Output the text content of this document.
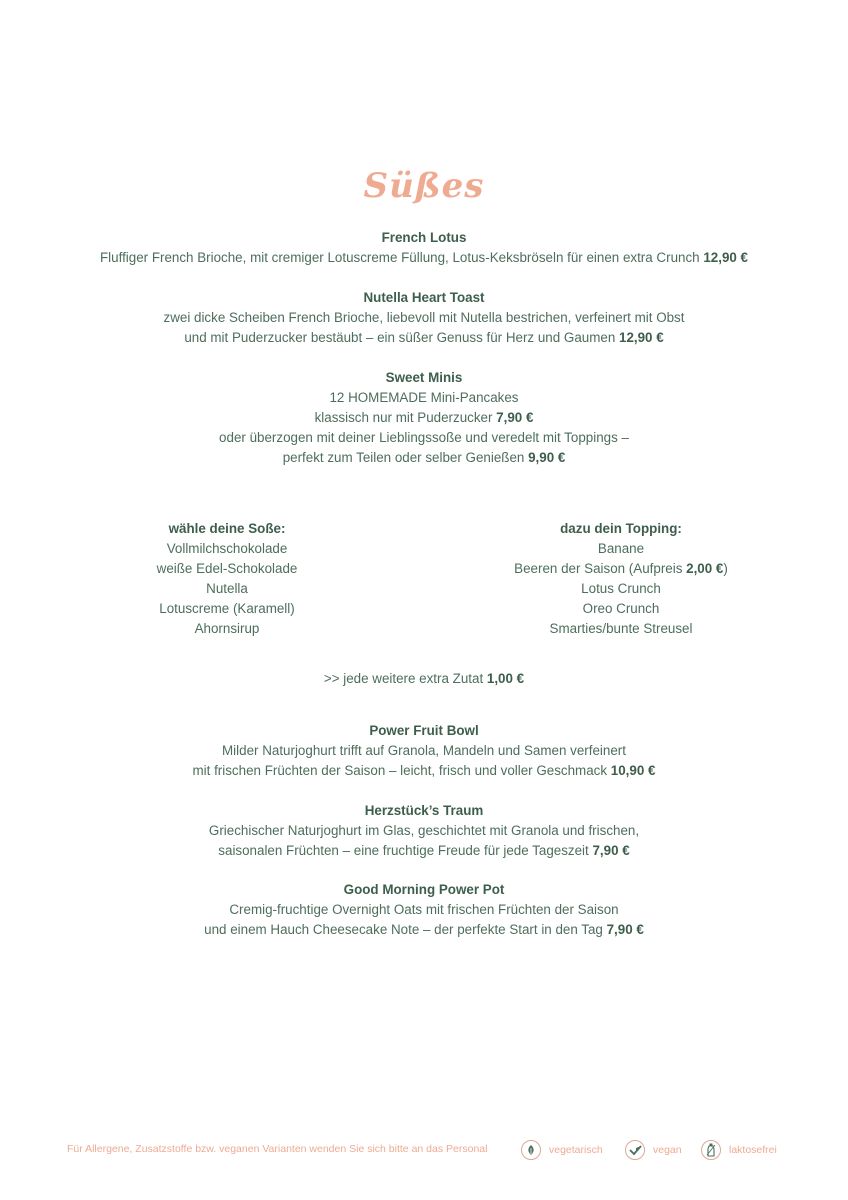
Süßes
French Lotus
Fluffiger French Brioche, mit cremiger Lotuscreme Füllung, Lotus-Keksbröseln für einen extra Crunch 12,90 €
Nutella Heart Toast
zwei dicke Scheiben French Brioche, liebevoll mit Nutella bestrichen, verfeinert mit Obst
und mit Puderzucker bestäubt – ein süßer Genuss für Herz und Gaumen 12,90 €
Sweet Minis
12 HOMEMADE Mini-Pancakes
klassisch nur mit Puderzucker 7,90 €
oder überzogen mit deiner Lieblingssoße und veredelt mit Toppings –
perfekt zum Teilen oder selber Genießen 9,90 €
wähle deine Soße:
Vollmilchschokolade
weiße Edel-Schokolade
Nutella
Lotuscreme (Karamell)
Ahornsirup
dazu dein Topping:
Banane
Beeren der Saison (Aufpreis 2,00 €)
Lotus Crunch
Oreo Crunch
Smarties/bunte Streusel
>> jede weitere extra Zutat 1,00 €
Power Fruit Bowl
Milder Naturjoghurt trifft auf Granola, Mandeln und Samen verfeinert
mit frischen Früchten der Saison – leicht, frisch und voller Geschmack 10,90 €
Herzstück’s Traum
Griechischer Naturjoghurt im Glas, geschichtet mit Granola und frischen,
saisonalen Früchten – eine fruchtige Freude für jede Tageszeit 7,90 €
Good Morning Power Pot
Cremig-fruchtige Overnight Oats mit frischen Früchten der Saison
und einem Hauch Cheesecake Note – der perfekte Start in den Tag 7,90 €
Für Allergene, Zusatzstoffe bzw. veganen Varianten wenden Sie sich bitte an das Personal	vegetarisch	vegan	laktosefrei
